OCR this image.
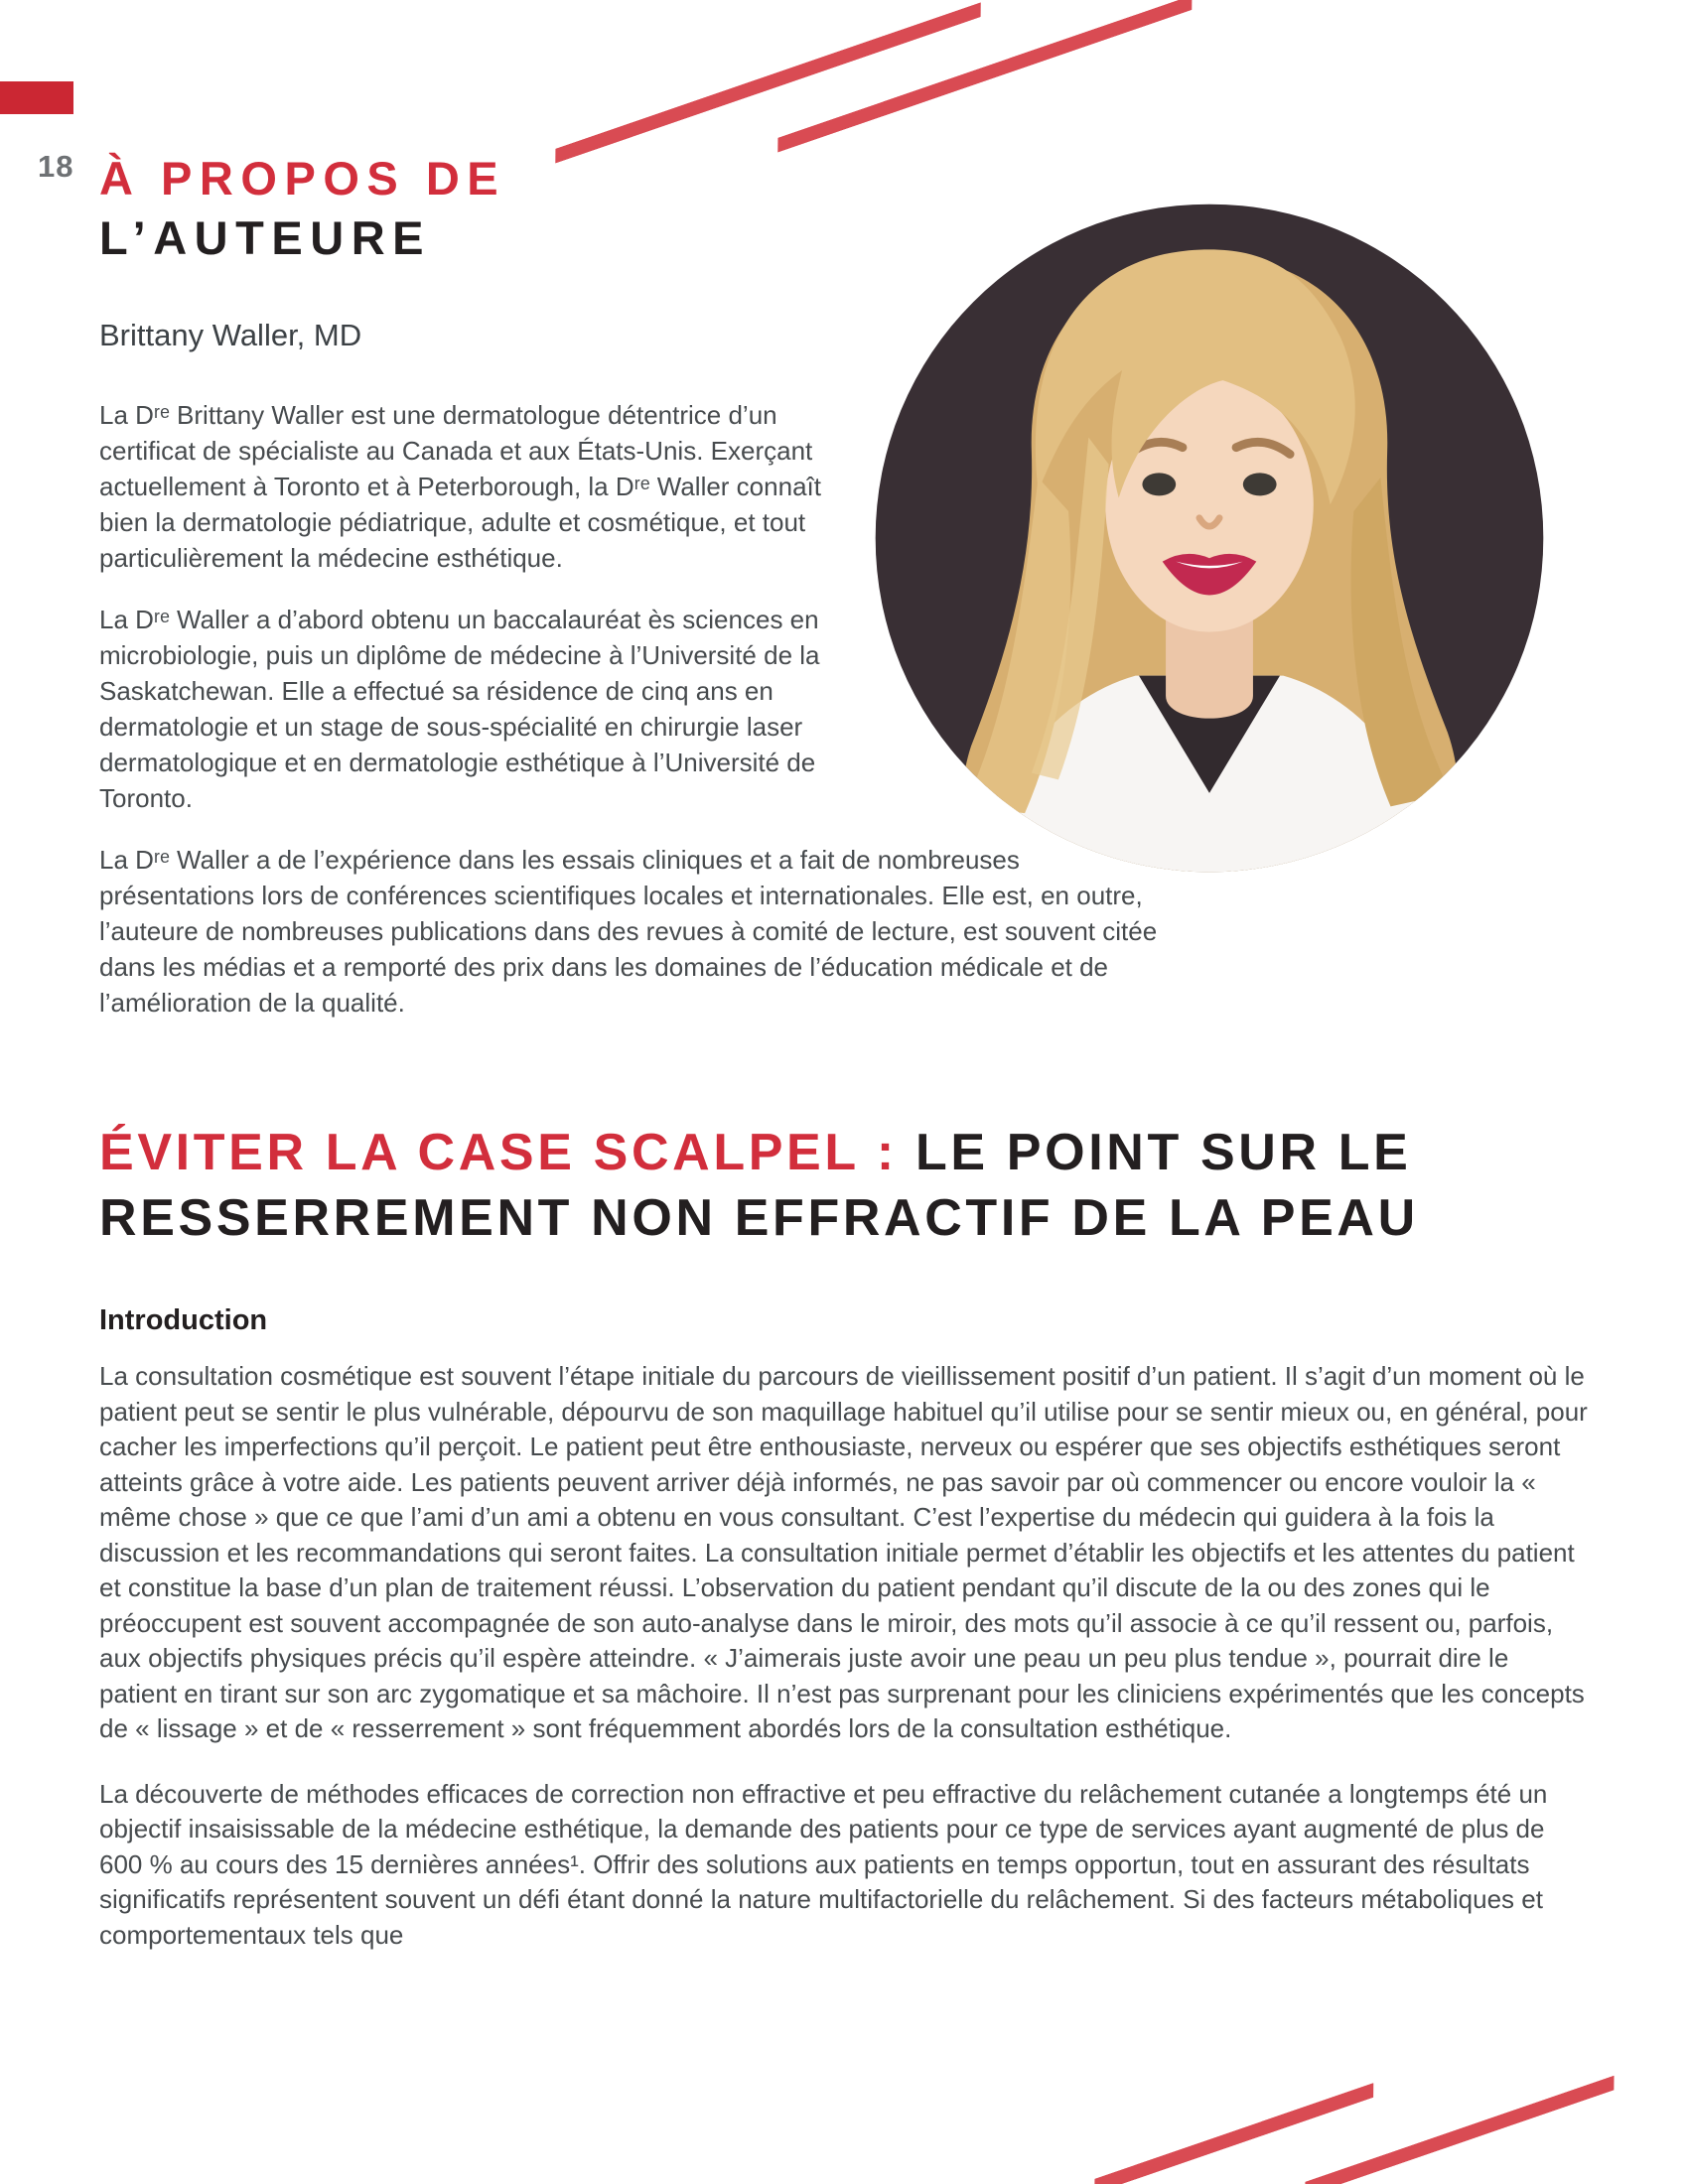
18 À PROPOS DE
L’AUTEURE

Brittany Waller, MD

La Dʳᵉ Brittany Waller est une dermatologue détentrice d’un certificat de spécialiste au Canada et aux États-Unis. Exerçant actuellement à Toronto et à Peterborough, la Dʳᵉ Waller connaît bien la dermatologie pédiatrique, adulte et cosmétique, et tout particulièrement la médecine esthétique.

La Dʳᵉ Waller a d’abord obtenu un baccalauréat ès sciences en microbiologie, puis un diplôme de médecine à l’Université de la Saskatchewan. Elle a effectué sa résidence de cinq ans en dermatologie et un stage de sous-spécialité en chirurgie laser dermatologique et en dermatologie esthétique à l’Université de Toronto.

La Dʳᵉ Waller a de l’expérience dans les essais cliniques et a fait de nombreuses présentations lors de conférences scientifiques locales et internationales. Elle est, en outre, l’auteure de nombreuses publications dans des revues à comité de lecture, est souvent citée dans les médias et a remporté des prix dans les domaines de l’éducation médicale et de l’amélioration de la qualité.

ÉVITER LA CASE SCALPEL : LE POINT SUR LE
RESSERREMENT NON EFFRACTIF DE LA PEAU
Introduction

La consultation cosmétique est souvent l’étape initiale du parcours de vieillissement positif d’un patient. Il s’agit d’un moment où le patient peut se sentir le plus vulnérable, dépourvu de son maquillage habituel qu’il utilise pour se sentir mieux ou, en général, pour cacher les imperfections qu’il perçoit. Le patient peut être enthousiaste, nerveux ou espérer que ses objectifs esthétiques seront atteints grâce à votre aide. Les patients peuvent arriver déjà informés, ne pas savoir par où commencer ou encore vouloir la « même chose » que ce que l’ami d’un ami a obtenu en vous consultant. C’est l’expertise du médecin qui guidera à la fois la discussion et les recommandations qui seront faites. La consultation initiale permet d’établir les objectifs et les attentes du patient et constitue la base d’un plan de traitement réussi. L’observation du patient pendant qu’il discute de la ou des zones qui le préoccupent est souvent accompagnée de son auto-analyse dans le miroir, des mots qu’il associe à ce qu’il ressent ou, parfois, aux objectifs physiques précis qu’il espère atteindre. « J’aimerais juste avoir une peau un peu plus tendue », pourrait dire le patient en tirant sur son arc zygomatique et sa mâchoire. Il n’est pas surprenant pour les cliniciens expérimentés que les concepts de « lissage » et de « resserrement » sont fréquemment abordés lors de la consultation esthétique.

La découverte de méthodes efficaces de correction non effractive et peu effractive du relâchement cutanée a longtemps été un objectif insaisissable de la médecine esthétique, la demande des patients pour ce type de services ayant augmenté de plus de 600 % au cours des 15 dernières années¹. Offrir des solutions aux patients en temps opportun, tout en assurant des résultats significatifs représentent souvent un défi étant donné la nature multifactorielle du relâchement. Si des facteurs métaboliques et comportementaux tels que
